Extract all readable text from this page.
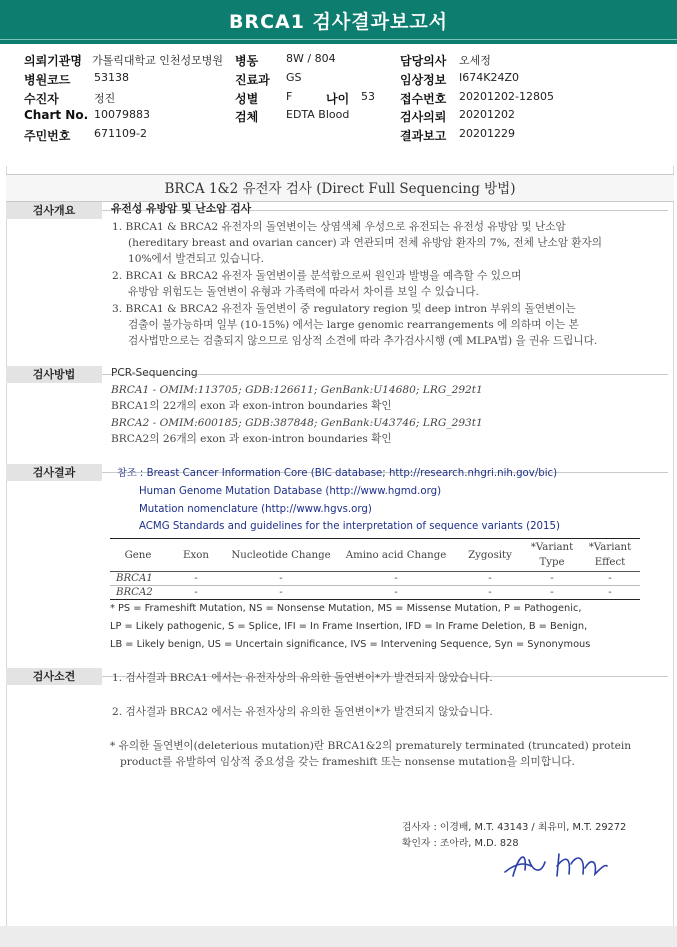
BRCA1 검사결과보고서
의뢰기관명 가톨릭대학교 인천성모병원 병동	8W / 804	담당의사 오세정
병원코드 53138	진료과 GS	임상정보 I674K24Z0
수진자	정진	성별	F	나이 53 접수번호 20201202-12805
Chart No. 10079883	검체	EDTA Blood	검사의뢰 20201202
주민번호 671109-2	결과보고 20201229
BRCA 1&2 유전자 검사 (Direct Full Sequencing 방법)
검사개요	유전성 유방암 및 난소암 검사
1. BRCA1 & BRCA2 유전자의 돌연변이는 상염색체 우성으로 유전되는 유전성 유방암 및 난소암
(hereditary breast and ovarian cancer) 과 연관되며 전체 유방암 환자의 7%, 전체 난소암 환자의
10%에서 발견되고 있습니다.
2. BRCA1 & BRCA2 유전자 돌연변이를 분석함으로써 원인과 발병을 예측할 수 있으며
유방암 위험도는 돌연변이 유형과 가족력에 따라서 차이를 보일 수 있습니다.
3. BRCA1 & BRCA2 유전자 돌연변이 중 regulatory region 및 deep intron 부위의 돌연변이는
검출이 불가능하며 일부 (10-15%) 에서는 large genomic rearrangements 에 의하며 이는 본
검사법만으로는 검출되지 않으므로 임상적 소견에 따라 추가검사시행 (예 MLPA법) 을 권유 드립니다.
검사방법	PCR-Sequencing
BRCA1 - OMIM:113705; GDB:126611; GenBank:U14680; LRG_292t1
BRCA1의 22개의 exon 과 exon-intron boundaries 확인
BRCA2 - OMIM:600185; GDB:387848; GenBank:U43746; LRG_293t1
BRCA2의 26개의 exon 과 exon-intron boundaries 확인
검사결과	참조 : Breast Cancer Information Core (BIC database; http://research.nhgri.nih.gov/bic)
Human Genome Mutation Database (http://www.hgmd.org)
Mutation nomenclature (http://www.hgvs.org)
ACMG Standards and guidelines for the interpretation of sequence variants (2015)
Gene	Exon	Nucleotide Change	Amino acid Change	Zygosity	*Variant Type	*Variant Effect
BRCA1	-	-	-	-	-	-
BRCA2	-	-	-	-	-	-
* PS = Frameshift Mutation, NS = Nonsense Mutation, MS = Missense Mutation, P = Pathogenic,
LP = Likely pathogenic, S = Splice, IFI = In Frame Insertion, IFD = In Frame Deletion, B = Benign,
LB = Likely benign, US = Uncertain significance, IVS = Intervening Sequence, Syn = Synonymous
검사소견	1. 검사결과 BRCA1 에서는 유전자상의 유의한 돌연변이*가 발견되지 않았습니다.
2. 검사결과 BRCA2 에서는 유전자상의 유의한 돌연변이*가 발견되지 않았습니다.
* 유의한 돌연변이(deleterious mutation)란 BRCA1&2의 prematurely terminated (truncated) protein
product를 유발하여 임상적 중요성을 갖는 frameshift 또는 nonsense mutation을 의미합니다.
검사자 : 이경배, M.T. 43143 / 최유미, M.T. 29272
확인자 : 조아라, M.D. 828
